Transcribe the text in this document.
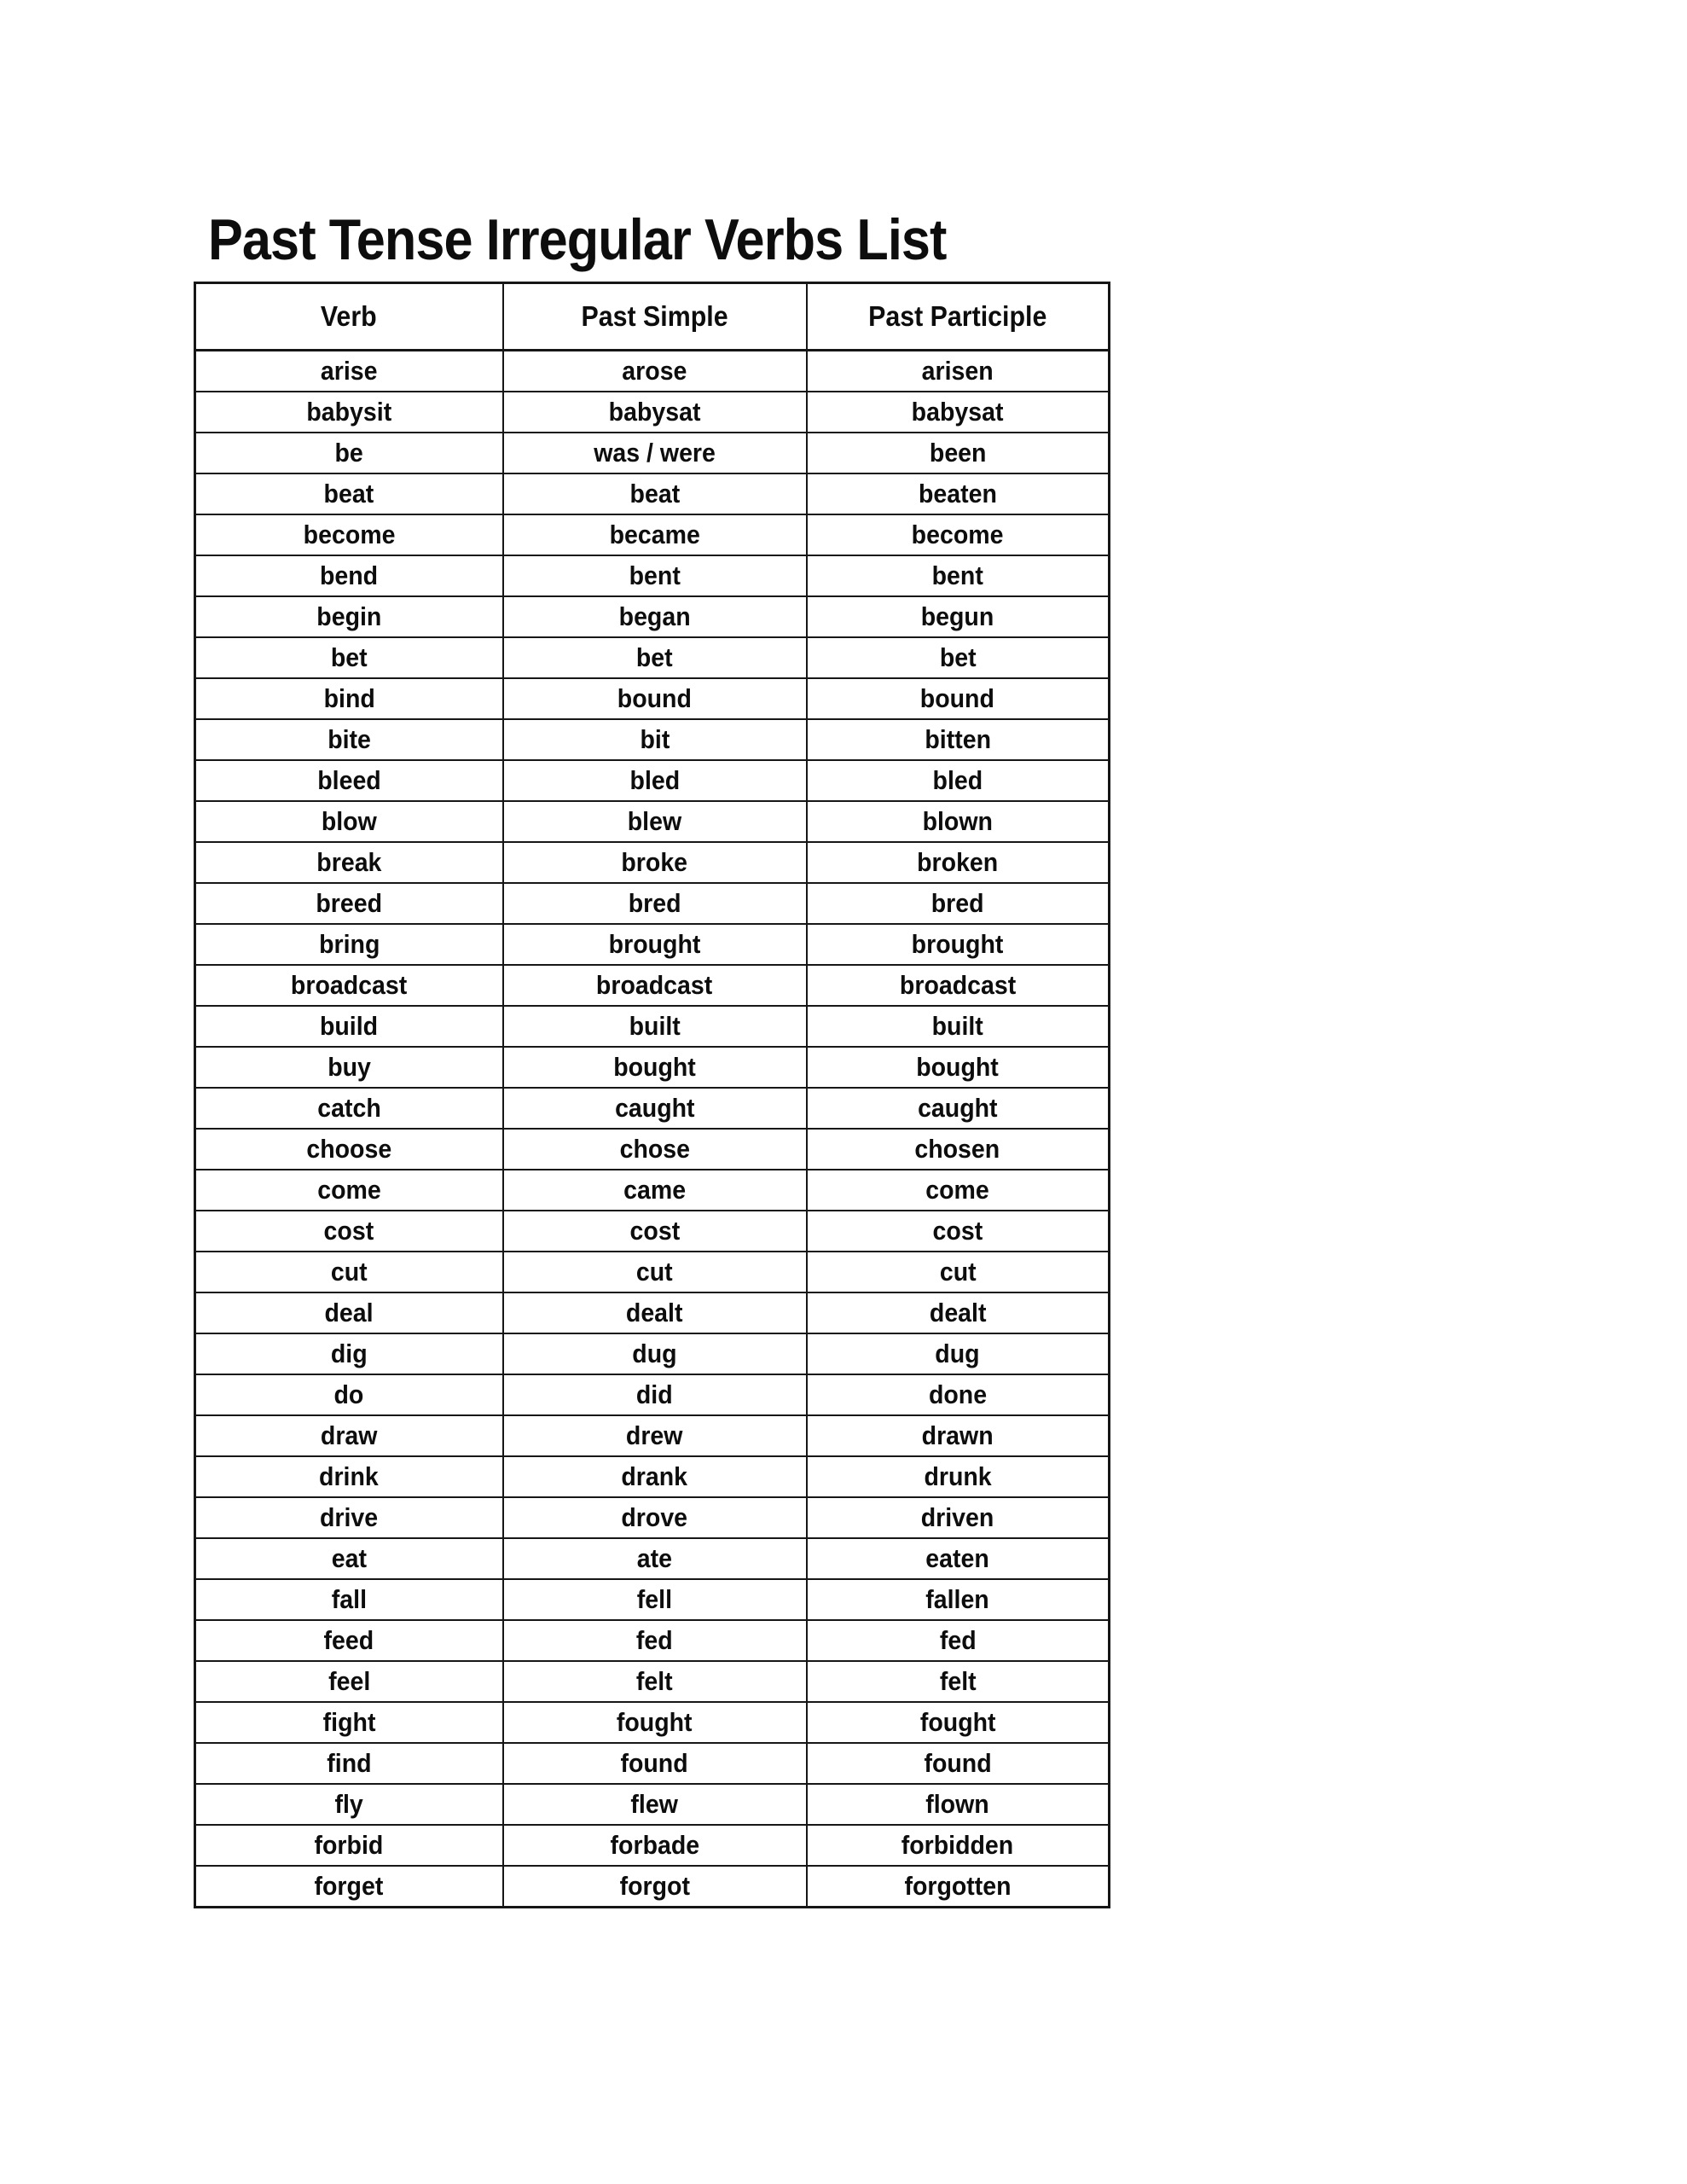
Past Tense Irregular Verbs List
Verb	Past Simple	Past Participle
arise	arose	arisen
babysit	babysat	babysat
be	was / were	been
beat	beat	beaten
become	became	become
bend	bent	bent
begin	began	begun
bet	bet	bet
bind	bound	bound
bite	bit	bitten
bleed	bled	bled
blow	blew	blown
break	broke	broken
breed	bred	bred
bring	brought	brought
broadcast	broadcast	broadcast
build	built	built
buy	bought	bought
catch	caught	caught
choose	chose	chosen
come	came	come
cost	cost	cost
cut	cut	cut
deal	dealt	dealt
dig	dug	dug
do	did	done
draw	drew	drawn
drink	drank	drunk
drive	drove	driven
eat	ate	eaten
fall	fell	fallen
feed	fed	fed
feel	felt	felt
fight	fought	fought
find	found	found
fly	flew	flown
forbid	forbade	forbidden
forget	forgot	forgotten
